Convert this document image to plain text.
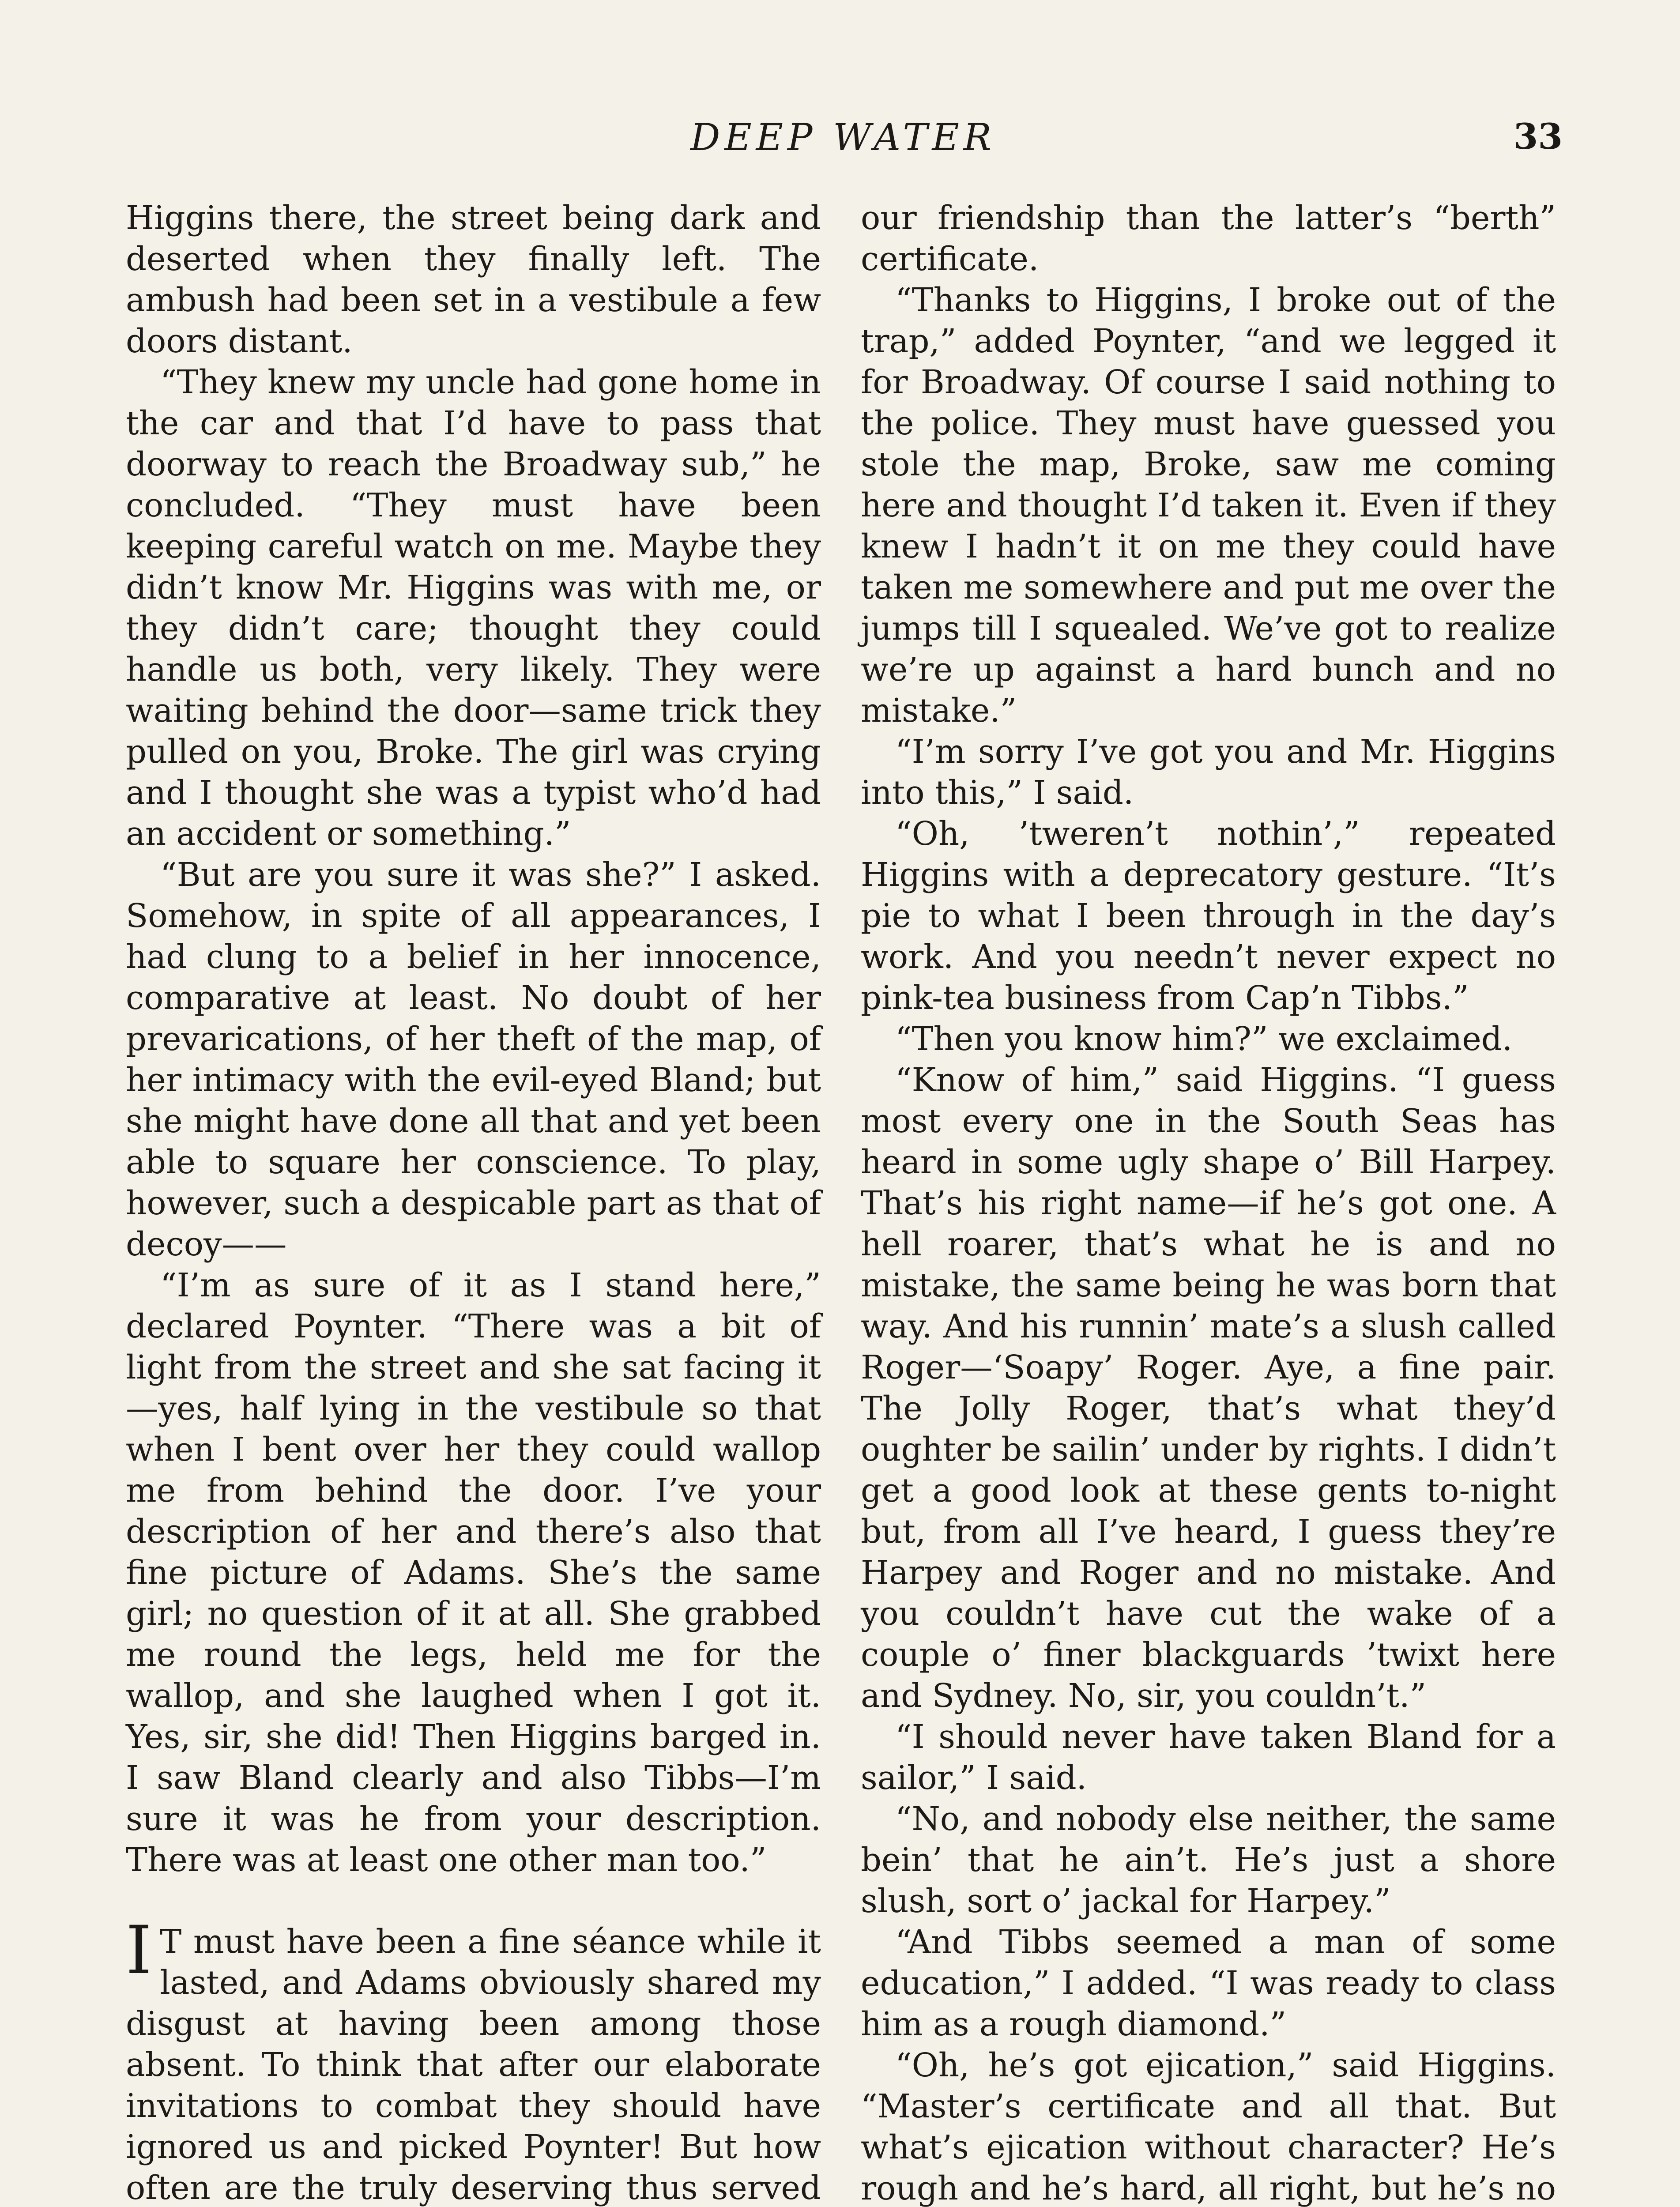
DEEP WATER	33

Higgins there, the street being dark and deserted when they finally left. The ambush had been set in a vestibule a few doors distant.

“They knew my uncle had gone home in the car and that I’d have to pass that doorway to reach the Broadway sub,” he concluded. “They must have been keeping careful watch on me. Maybe they didn’t know Mr. Higgins was with me, or they didn’t care; thought they could handle us both, very likely. They were waiting behind the door—same trick they pulled on you, Broke. The girl was crying and I thought she was a typist who’d had an accident or something.”

“But are you sure it was she?” I asked. Somehow, in spite of all appearances, I had clung to a belief in her innocence, comparative at least. No doubt of her prevarications, of her theft of the map, of her intimacy with the evil-eyed Bland; but she might have done all that and yet been able to square her conscience. To play, however, such a despicable part as that of decoy——

“I’m as sure of it as I stand here,” declared Poynter. “There was a bit of light from the street and she sat facing it—yes, half lying in the vestibule so that when I bent over her they could wallop me from behind the door. I’ve your description of her and there’s also that fine picture of Adams. She’s the same girl; no question of it at all. She grabbed me round the legs, held me for the wallop, and she laughed when I got it. Yes, sir, she did! Then Higgins barged in. I saw Bland clearly and also Tibbs—I’m sure it was he from your description. There was at least one other man too.”

I T must have been a fine séance while it lasted, and Adams obviously shared my disgust at having been among those absent. To think that after our elaborate invitations to combat they should have ignored us and picked Poynter! But how often are the truly deserving thus served

our friendship than the latter’s “berth” certificate.

“Thanks to Higgins, I broke out of the trap,” added Poynter, “and we legged it for Broadway. Of course I said nothing to the police. They must have guessed you stole the map, Broke, saw me coming here and thought I’d taken it. Even if they knew I hadn’t it on me they could have taken me somewhere and put me over the jumps till I squealed. We’ve got to realize we’re up against a hard bunch and no mistake.”

“I’m sorry I’ve got you and Mr. Higgins into this,” I said.

“Oh, ’tweren’t nothin’,” repeated Higgins with a deprecatory gesture. “It’s pie to what I been through in the day’s work. And you needn’t never expect no pink-tea business from Cap’n Tibbs.”

“Then you know him?” we exclaimed.

“Know of him,” said Higgins. “I guess most every one in the South Seas has heard in some ugly shape o’ Bill Harpey. That’s his right name—if he’s got one. A hell roarer, that’s what he is and no mistake, the same being he was born that way. And his runnin’ mate’s a slush called Roger—‘Soapy’ Roger. Aye, a fine pair. The Jolly Roger, that’s what they’d oughter be sailin’ under by rights. I didn’t get a good look at these gents to-night but, from all I’ve heard, I guess they’re Harpey and Roger and no mistake. And you couldn’t have cut the wake of a couple o’ finer blackguards ’twixt here and Sydney. No, sir, you couldn’t.”

“I should never have taken Bland for a sailor,” I said.

“No, and nobody else neither, the same bein’ that he ain’t. He’s just a shore slush, sort o’ jackal for Harpey.”

“And Tibbs seemed a man of some education,” I added. “I was ready to class him as a rough diamond.”

“Oh, he’s got ejication,” said Higgins. “Master’s certificate and all that. But what’s ejication without character? He’s rough and he’s hard, all right, but he’s no
